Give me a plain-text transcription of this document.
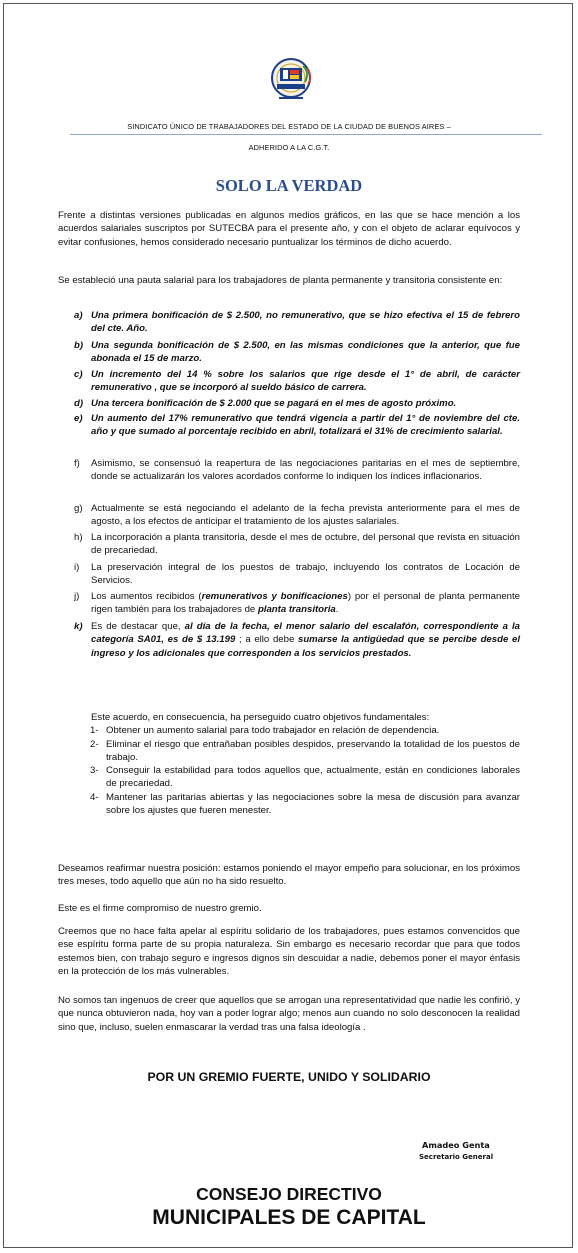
SINDICATO ÚNICO DE TRABAJADORES DEL ESTADO DE LA CIUDAD DE BUENOS AIRES –
ADHERIDO A LA C.G.T.
SOLO LA VERDAD
Frente a distintas versiones publicadas en algunos medios gráficos, en las que se hace mención a los acuerdos salariales suscriptos por SUTECBA para el presente año, y con el objeto de aclarar equívocos y evitar confusiones, hemos considerado necesario puntualizar los términos de dicho acuerdo.
Se estableció una pauta salarial para los trabajadores de planta permanente y transitoria consistente en:

a) Una primera bonificación de $ 2.500, no remunerativo, que se hizo efectiva el 15 de febrero del cte. Año.

b) Una segunda bonificación de $ 2.500, en las mismas condiciones que la anterior, que fue abonada el 15 de marzo.

c) Un incremento del 14 % sobre los salarios que rige desde el 1° de abril, de carácter remunerativo , que se incorporó al sueldo básico de carrera.

d) Una tercera bonificación de $ 2.000 que se pagará en el mes de agosto próximo.

e) Un aumento del 17% remunerativo que tendrá vigencia a partir del 1° de noviembre del cte. año y que sumado al porcentaje recibido en abril, totalizará el 31% de crecimiento salarial.

f) Asimismo, se consensuó la reapertura de las negociaciones paritarias en el mes de septiembre, donde se actualizarán los valores acordados conforme lo indiquen los índices inflacionarios.

g) Actualmente se está negociando el adelanto de la fecha prevista anteriormente para el mes de agosto, a los efectos de anticipar el tratamiento de los ajustes salariales.

h) La incorporación a planta transitoria, desde el mes de octubre, del personal que revista en situación de precariedad.

i) La preservación integral de los puestos de trabajo, incluyendo los contratos de Locación de Servicios.

j) Los aumentos recibidos (remunerativos y bonificaciones) por el personal de planta permanente rigen también para los trabajadores de planta transitoria.

k) Es de destacar que, al día de la fecha, el menor salario del escalafón, correspondiente a la categoría SA01, es de $ 13.199 ; a ello debe sumarse la antigüedad que se percibe desde el ingreso y los adicionales que corresponden a los servicios prestados.

Este acuerdo, en consecuencia, ha perseguido cuatro objetivos fundamentales:

1- Obtener un aumento salarial para todo trabajador en relación de dependencia.

2- Eliminar el riesgo que entrañaban posibles despidos, preservando la totalidad de los puestos de trabajo.

3- Conseguir la estabilidad para todos aquellos que, actualmente, están en condiciones laborales de precariedad.

4- Mantener las paritarias abiertas y las negociaciones sobre la mesa de discusión para avanzar sobre los ajustes que fueren menester.

Deseamos reafirmar nuestra posición: estamos poniendo el mayor empeño para solucionar, en los próximos tres meses, todo aquello que aún no ha sido resuelto.
Este es el firme compromiso de nuestro gremio.
Creemos que no hace falta apelar al espíritu solidario de los trabajadores, pues estamos convencidos que ese espíritu forma parte de su propia naturaleza. Sin embargo es necesario recordar que para que todos estemos bien, con trabajo seguro e ingresos dignos sin descuidar a nadie, debemos poner el mayor énfasis en la protección de los más vulnerables.
No somos tan ingenuos de creer que aquellos que se arrogan una representatividad que nadie les confirió, y que nunca obtuvieron nada, hoy van a poder lograr algo; menos aun cuando no solo desconocen la realidad sino que, incluso, suelen enmascarar la verdad tras una falsa ideología .
POR UN GREMIO FUERTE, UNIDO Y SOLIDARIO
Amadeo Genta
Secretario General
CONSEJO DIRECTIVO
MUNICIPALES DE CAPITAL
